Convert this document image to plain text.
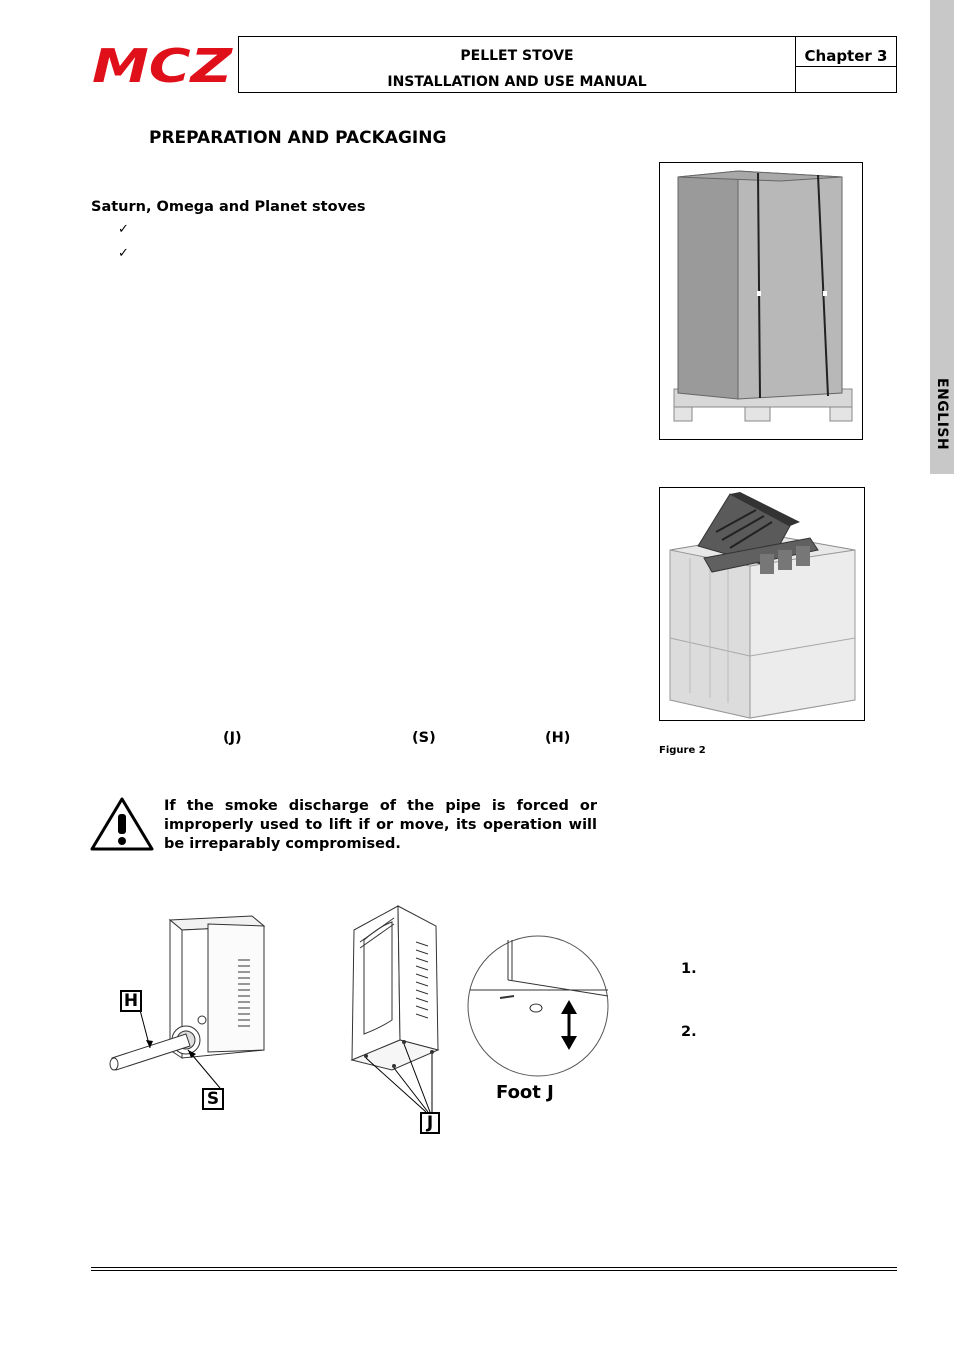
MCZ	PELLET STOVE
INSTALLATION AND USE MANUAL
Chapter 3
ENGLISH
PREPARATION AND PACKAGING
Saturn, Omega and Planet stoves
✓
✓
Figure 2
(J)	(S)	(H)
If the smoke discharge of the pipe is forced or improperly used to lift if or move, its operation will be irreparably compromised.
H
S
J
Foot J
1.
2.
